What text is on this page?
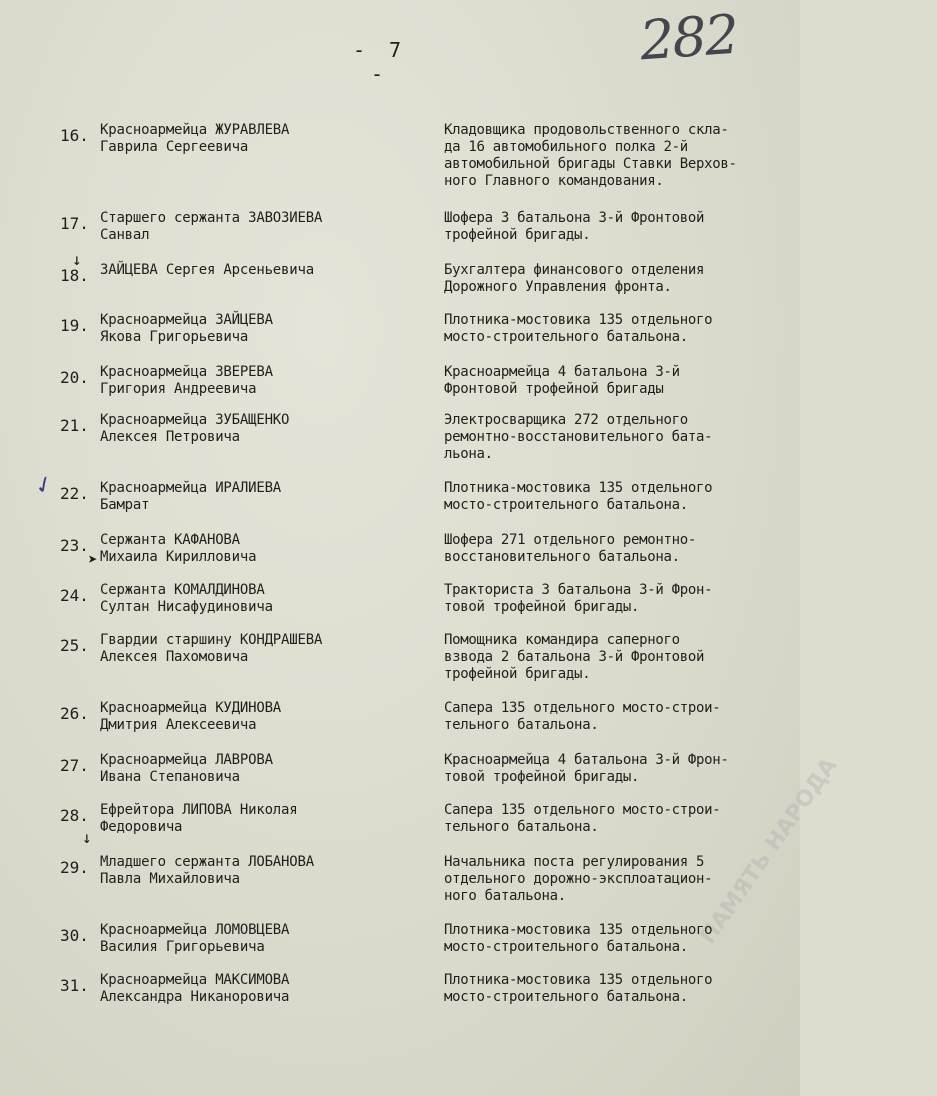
- 7 -
282
✓
↓
➤
↓	ПАМЯТЬ НАРОДА
16. Красноармейца ЖУРАВЛЕВА
Гаврила Сергеевича
Кладовщика продовольственного скла-
да 16 автомобильного полка 2-й
автомобильной бригады Ставки Верхов-
ного Главного командования.
17. Старшего сержанта ЗАВОЗИЕВА
Санвал
Шофера 3 батальона 3-й Фронтовой
трофейной бригады.
18. ЗАЙЦЕВА Сергея Арсеньевича	Бухгалтера финансового отделения
Дорожного Управления фронта.
19. Красноармейца ЗАЙЦЕВА
Якова Григорьевича
Плотника-мостовика 135 отдельного
мосто-строительного батальона.
20. Красноармейца ЗВЕРЕВА
Григория Андреевича
Красноармейца 4 батальона 3-й
Фронтовой трофейной бригады
21. Красноармейца ЗУБАЩЕНКО
Алексея Петровича
Электросварщика 272 отдельного
ремонтно-восстановительного бата-
льона.
22. Красноармейца ИРАЛИЕВА
Бамрат
Плотника-мостовика 135 отдельного
мосто-строительного батальона.
23. Сержанта КАФАНОВА
Михаила Кирилловича
Шофера 271 отдельного ремонтно-
восстановительного батальона.
24. Сержанта КОМАЛДИНОВА
Султан Нисафудиновича
Тракториста 3 батальона 3-й Фрон-
товой трофейной бригады.
25. Гвардии старшину КОНДРАШЕВА
Алексея Пахомовича
Помощника командира саперного
взвода 2 батальона 3-й Фронтовой
трофейной бригады.
26. Красноармейца КУДИНОВА
Дмитрия Алексеевича
Сапера 135 отдельного мосто-строи-
тельного батальона.
27. Красноармейца ЛАВРОВА
Ивана Степановича
Красноармейца 4 батальона 3-й Фрон-
товой трофейной бригады.
28. Ефрейтора ЛИПОВА Николая
Федоровича
Сапера 135 отдельного мосто-строи-
тельного батальона.
29. Младшего сержанта ЛОБАНОВА
Павла Михайловича
Начальника поста регулирования 5
отдельного дорожно-эксплоатацион-
ного батальона.
30. Красноармейца ЛОМОВЦЕВА
Василия Григорьевича
Плотника-мостовика 135 отдельного
мосто-строительного батальона.
31. Красноармейца МАКСИМОВА
Александра Никаноровича
Плотника-мостовика 135 отдельного
мосто-строительного батальона.
